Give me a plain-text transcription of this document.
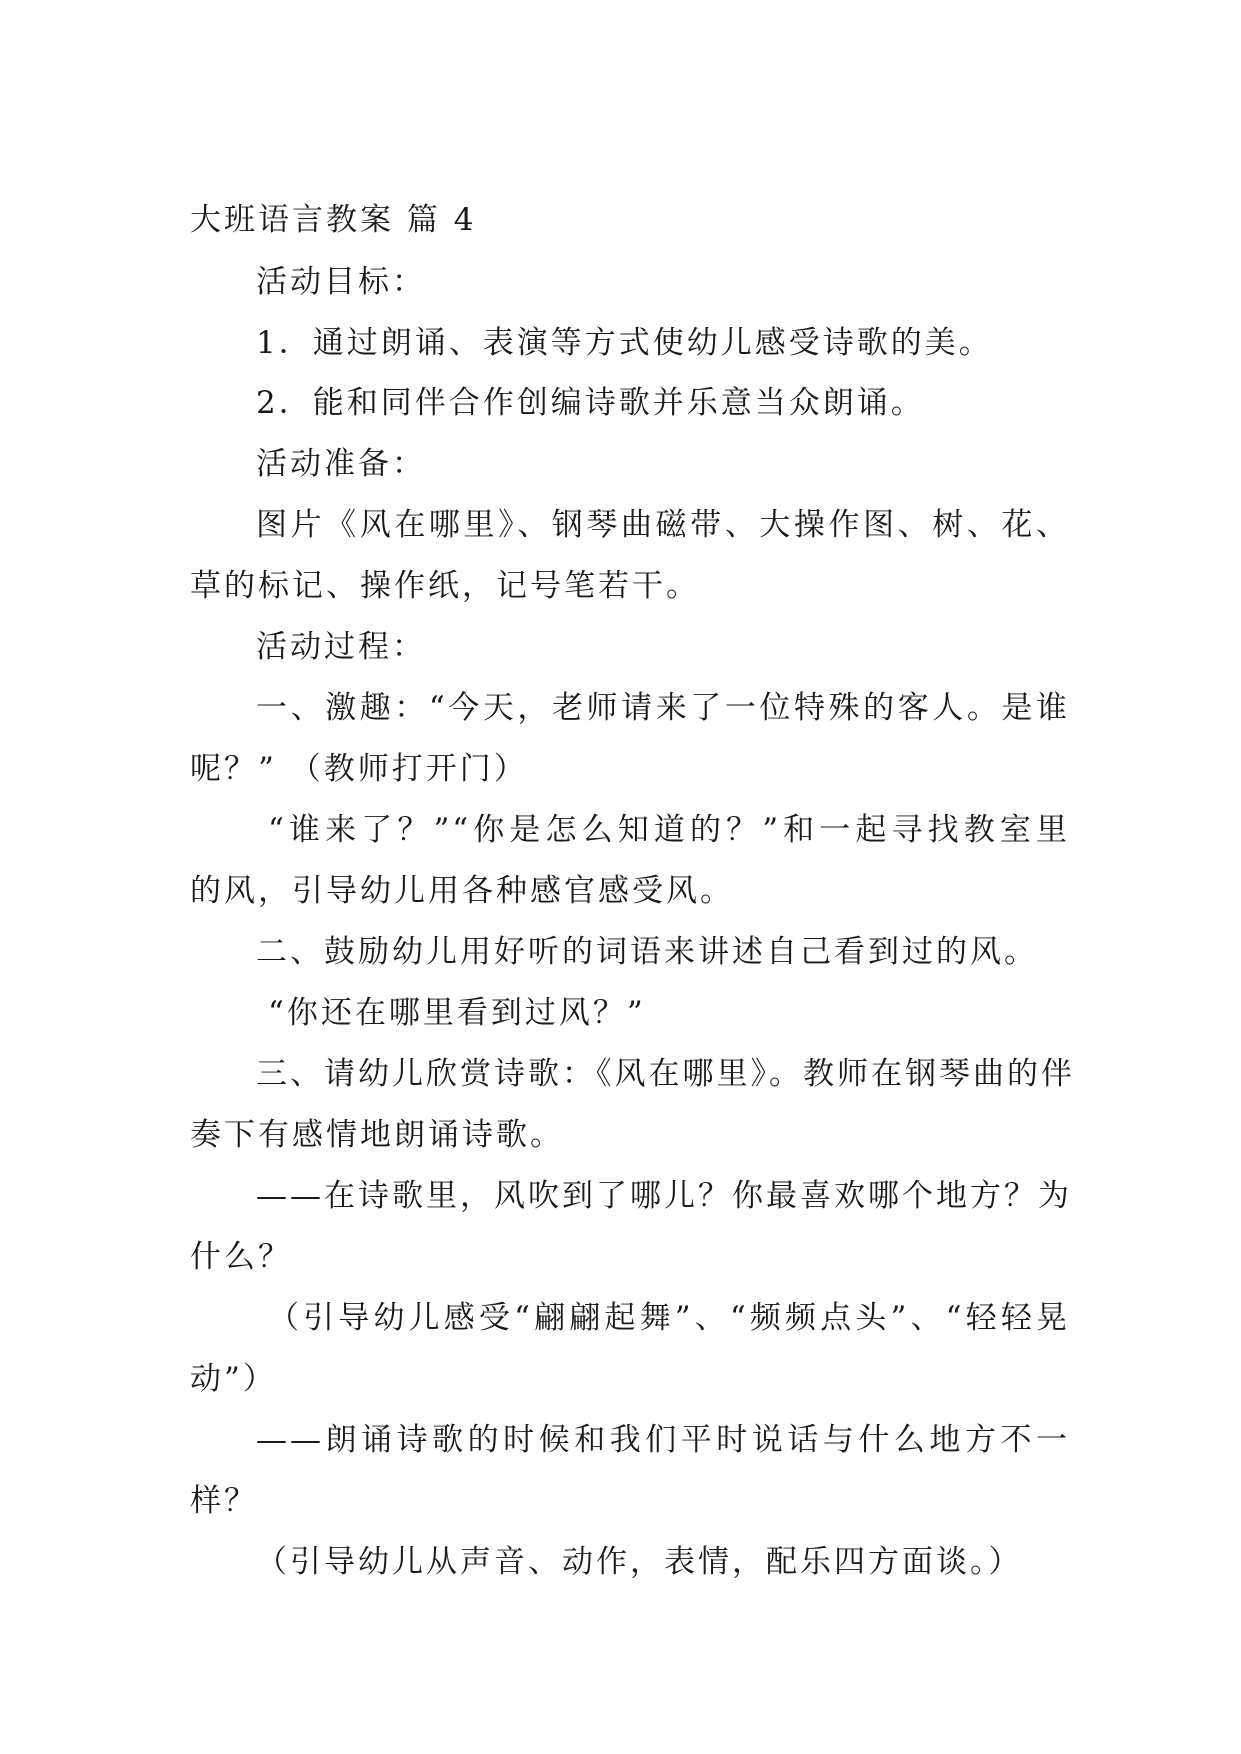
大班语言教案 篇 4
活动目标：
1．通过朗诵、表演等方式使幼儿感受诗歌的美。
2．能和同伴合作创编诗歌并乐意当众朗诵。
活动准备：
图片《风在哪里》、钢琴曲磁带、大操作图、树、花、
草的标记、操作纸，记号笔若干。
活动过程：
一、激趣：“今天，老师请来了一位特殊的客人。是谁
呢？” （教师打开门）
“谁来了？”“你是怎么知道的？”和一起寻找教室里
的风，引导幼儿用各种感官感受风。
二、鼓励幼儿用好听的词语来讲述自己看到过的风。
“你还在哪里看到过风？”
三、请幼儿欣赏诗歌：《风在哪里》。教师在钢琴曲的伴
奏下有感情地朗诵诗歌。
——在诗歌里，风吹到了哪儿？你最喜欢哪个地方？为
什么？
（引导幼儿感受“翩翩起舞”、“频频点头”、“轻轻晃
动”）
——朗诵诗歌的时候和我们平时说话与什么地方不一
样？
（引导幼儿从声音、动作，表情，配乐四方面谈。）
